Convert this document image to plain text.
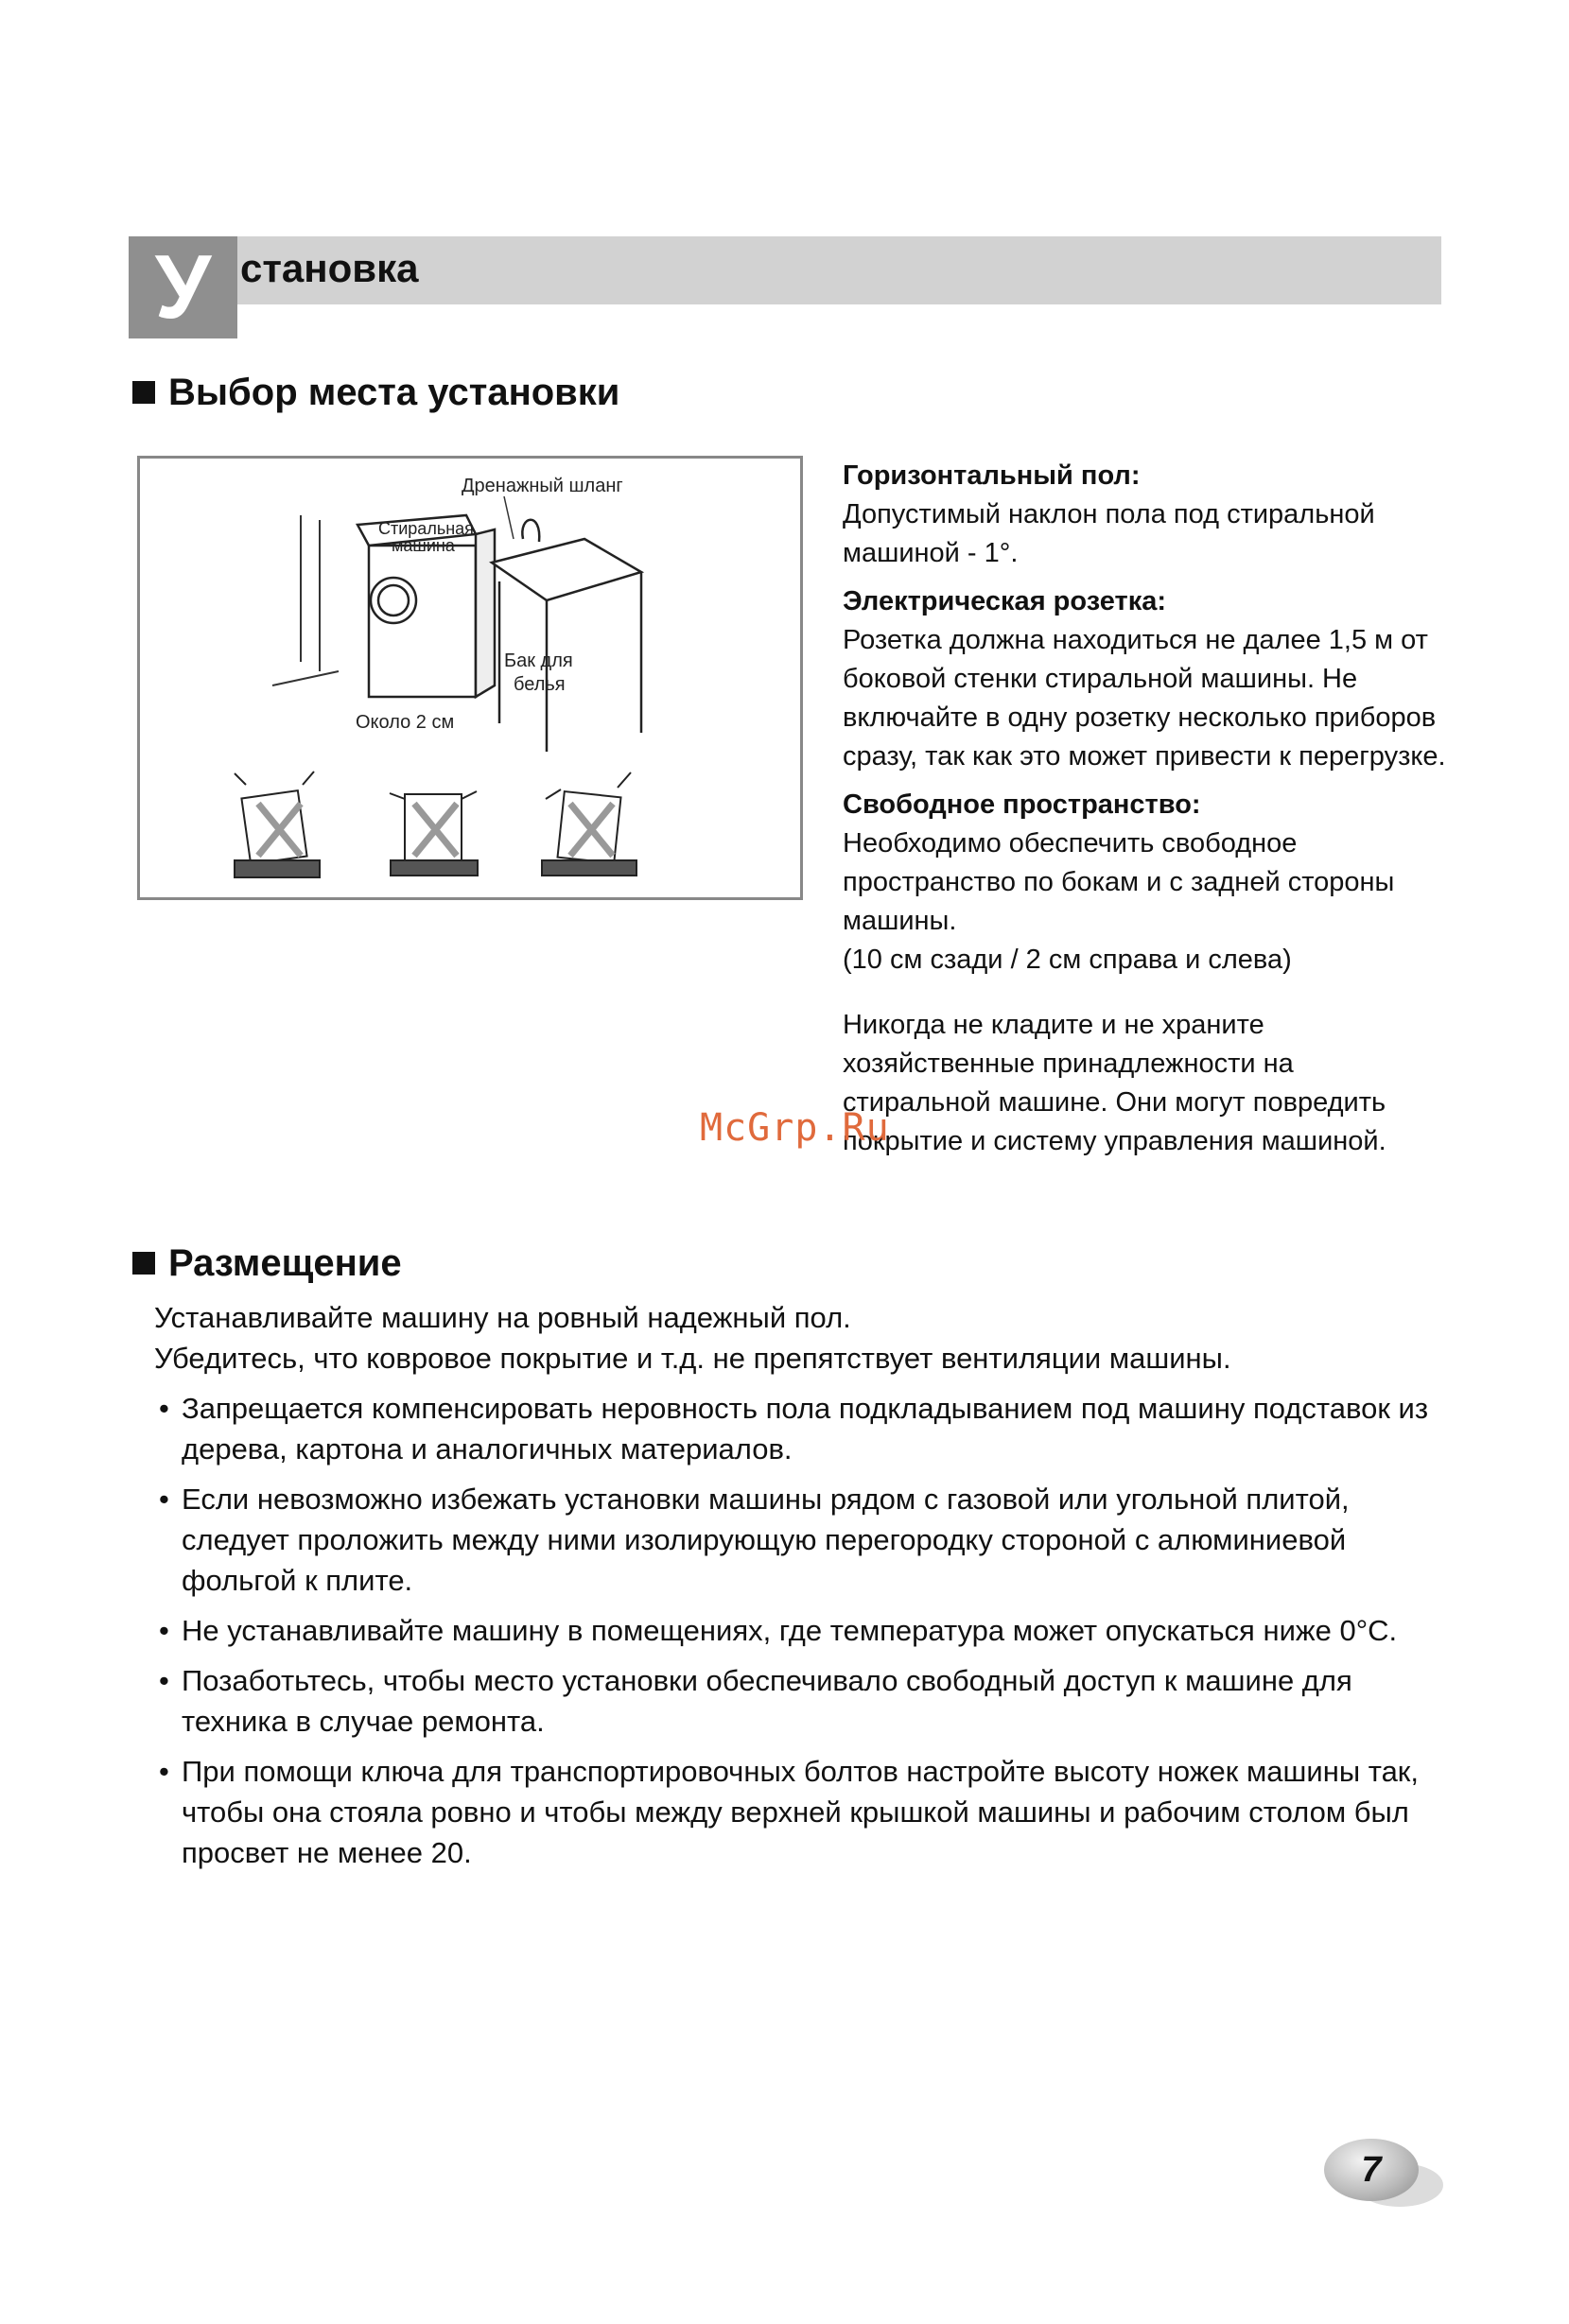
У становка
Выбор места установки
Дренажный шланг
Стиральная
машина
Бак для
белья
Около 2 см
Горизонтальный пол:
Допустимый наклон пола под стиральной машиной - 1°.
Электрическая розетка:
Розетка должна находиться не далее 1,5 м от боковой стенки стиральной машины. Не включайте в одну розетку несколько приборов сразу, так как это может привести к перегрузке.
Свободное пространство:
Необходимо обеспечить свободное пространство по бокам и с задней стороны машины.
(10 см сзади / 2 см справа и слева)
Никогда не кладите и не храните хозяйственные принадлежности на стиральной машине. Они могут повредить покрытие и систему управления машиной.
McGrp.Ru
Размещение
Устанавливайте машину на ровный надежный пол.
Убедитесь, что ковровое покрытие и т.д. не препятствует вентиляции машины.
• Запрещается компенсировать неровность пола подкладыванием под машину подставок из дерева, картона и аналогичных материалов.
• Если невозможно избежать установки машины рядом с газовой или угольной плитой, следует проложить между ними изолирующую перегородку стороной с алюминиевой фольгой к плите.
• Не устанавливайте машину в помещениях, где температура может опускаться ниже 0°C.
• Позаботьтесь, чтобы место установки обеспечивало свободный доступ к машине для техника в случае ремонта.
• При помощи ключа для транспортировочных болтов настройте высоту ножек машины так, чтобы она стояла ровно и чтобы между верхней крышкой машины и рабочим столом был просвет не менее 20.
7
